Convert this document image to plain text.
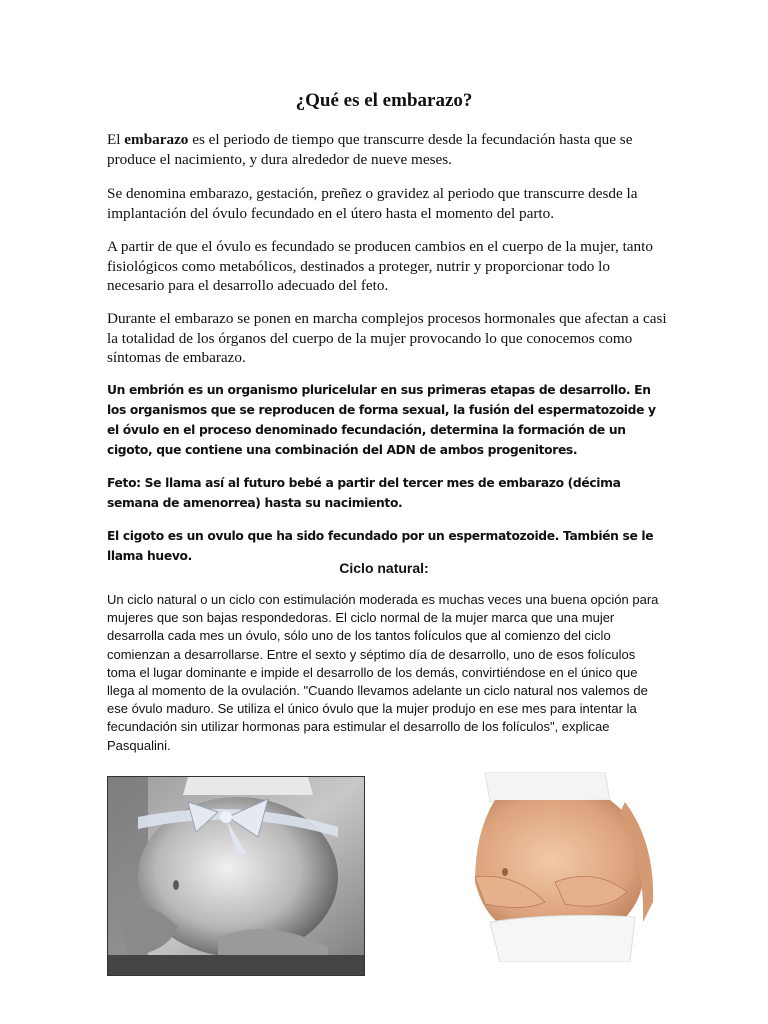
¿Qué es el embarazo?

El embarazo es el periodo de tiempo que transcurre desde la fecundación hasta que se produce el nacimiento, y dura alrededor de nueve meses.

Se denomina embarazo, gestación, preñez o gravidez al periodo que transcurre desde la implantación del óvulo fecundado en el útero hasta el momento del parto.

A partir de que el óvulo es fecundado se producen cambios en el cuerpo de la mujer, tanto fisiológicos como metabólicos, destinados a proteger, nutrir y proporcionar todo lo necesario para el desarrollo adecuado del feto.

Durante el embarazo se ponen en marcha complejos procesos hormonales que afectan a casi la totalidad de los órganos del cuerpo de la mujer provocando lo que conocemos como síntomas de embarazo.

Un embrión es un organismo pluricelular en sus primeras etapas de desarrollo. En los organismos que se reproducen de forma sexual, la fusión del espermatozoide y el óvulo en el proceso denominado fecundación, determina la formación de un cigoto, que contiene una combinación del ADN de ambos progenitores.

Feto: Se llama así al futuro bebé a partir del tercer mes de embarazo (décima semana de amenorrea) hasta su nacimiento.

El cigoto es un ovulo que ha sido fecundado por un espermatozoide. También se le llama huevo.

Ciclo natural:

Un ciclo natural o un ciclo con estimulación moderada es muchas veces una buena opción para mujeres que son bajas respondedoras. El ciclo normal de la mujer marca que una mujer desarrolla cada mes un óvulo, sólo uno de los tantos folículos que al comienzo del ciclo comienzan a desarrollarse. Entre el sexto y séptimo día de desarrollo, uno de esos folículos toma el lugar dominante e impide el desarrollo de los demás, convirtiéndose en el único que llega al momento de la ovulación. "Cuando llevamos adelante un ciclo natural nos valemos de ese óvulo maduro. Se utiliza el único óvulo que la mujer produjo en ese mes para intentar la fecundación sin utilizar hormonas para estimular el desarrollo de los folículos", explicae Pasqualini.
